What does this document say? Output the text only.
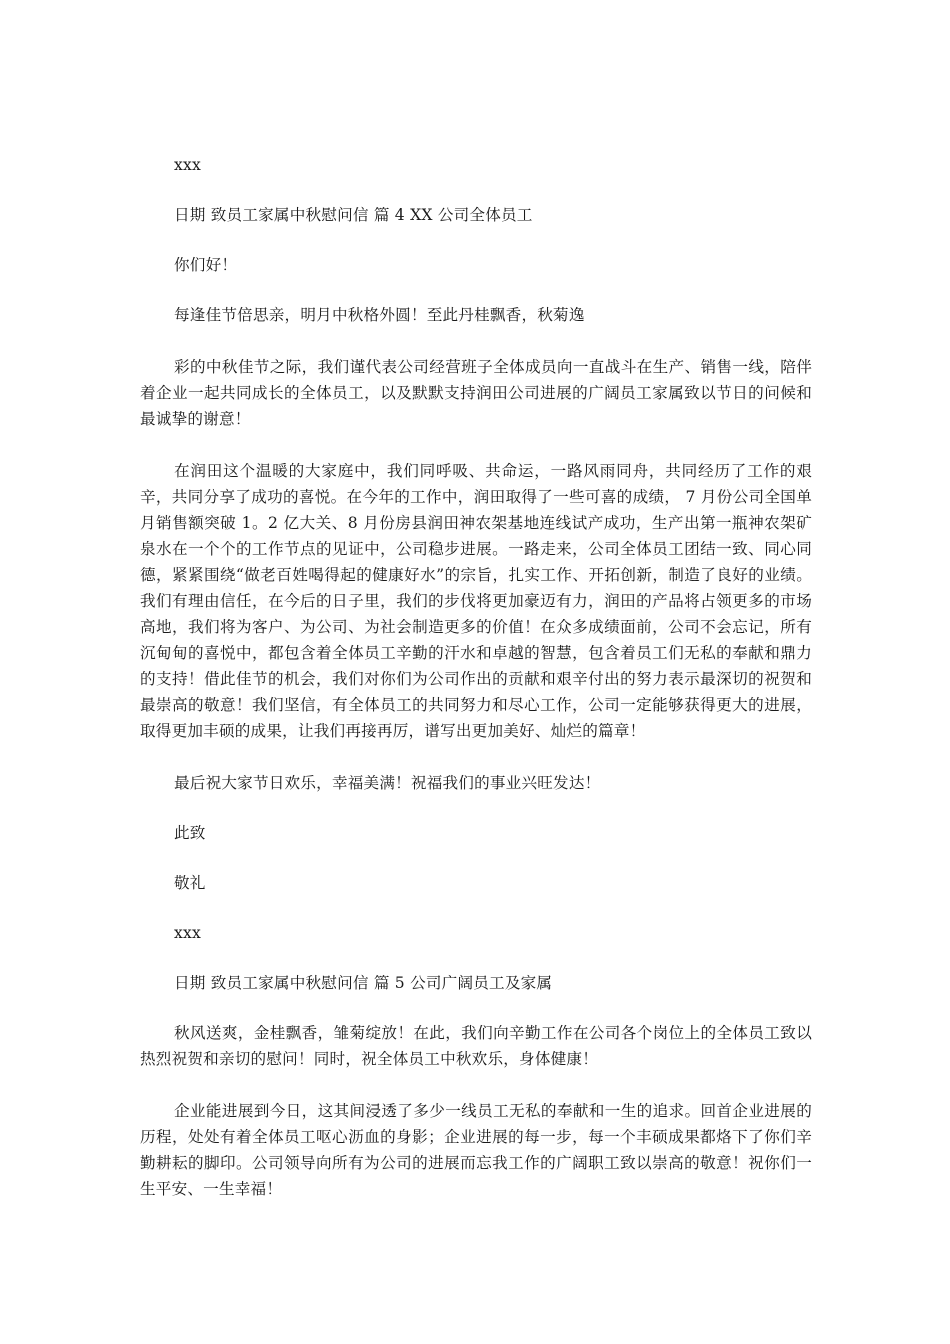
xxx

日期 致员工家属中秋慰问信 篇 4 XX 公司全体员工

你们好！

每逢佳节倍思亲，明月中秋格外圆！至此丹桂飘香，秋菊逸

彩的中秋佳节之际，我们谨代表公司经营班子全体成员向一直战斗在生产、销售一线，陪伴着企业一起共同成长的全体员工，以及默默支持润田公司进展的广阔员工家属致以节日的问候和最诚挚的谢意！

在润田这个温暖的大家庭中，我们同呼吸、共命运，一路风雨同舟，共同经历了工作的艰辛，共同分享了成功的喜悦。在今年的工作中，润田取得了一些可喜的成绩， 7 月份公司全国单月销售额突破 1。2 亿大关、8 月份房县润田神农架基地连线试产成功，生产出第一瓶神农架矿泉水在一个个的工作节点的见证中，公司稳步进展。一路走来，公司全体员工团结一致、同心同德，紧紧围绕“做老百姓喝得起的健康好水”的宗旨，扎实工作、开拓创新，制造了良好的业绩。我们有理由信任，在今后的日子里，我们的步伐将更加豪迈有力，润田的产品将占领更多的市场高地，我们将为客户、为公司、为社会制造更多的价值！在众多成绩面前，公司不会忘记，所有沉甸甸的喜悦中，都包含着全体员工辛勤的汗水和卓越的智慧，包含着员工们无私的奉献和鼎力的支持！借此佳节的机会，我们对你们为公司作出的贡献和艰辛付出的努力表示最深切的祝贺和最崇高的敬意！我们坚信，有全体员工的共同努力和尽心工作，公司一定能够获得更大的进展，取得更加丰硕的成果，让我们再接再厉，谱写出更加美好、灿烂的篇章！

最后祝大家节日欢乐，幸福美满！祝福我们的事业兴旺发达！

此致

敬礼

xxx

日期 致员工家属中秋慰问信 篇 5 公司广阔员工及家属

秋风送爽，金桂飘香，雏菊绽放！在此，我们向辛勤工作在公司各个岗位上的全体员工致以热烈祝贺和亲切的慰问！同时，祝全体员工中秋欢乐，身体健康！

企业能进展到今日，这其间浸透了多少一线员工无私的奉献和一生的追求。回首企业进展的历程，处处有着全体员工呕心沥血的身影；企业进展的每一步，每一个丰硕成果都烙下了你们辛勤耕耘的脚印。公司领导向所有为公司的进展而忘我工作的广阔职工致以崇高的敬意！祝你们一生平安、一生幸福！
